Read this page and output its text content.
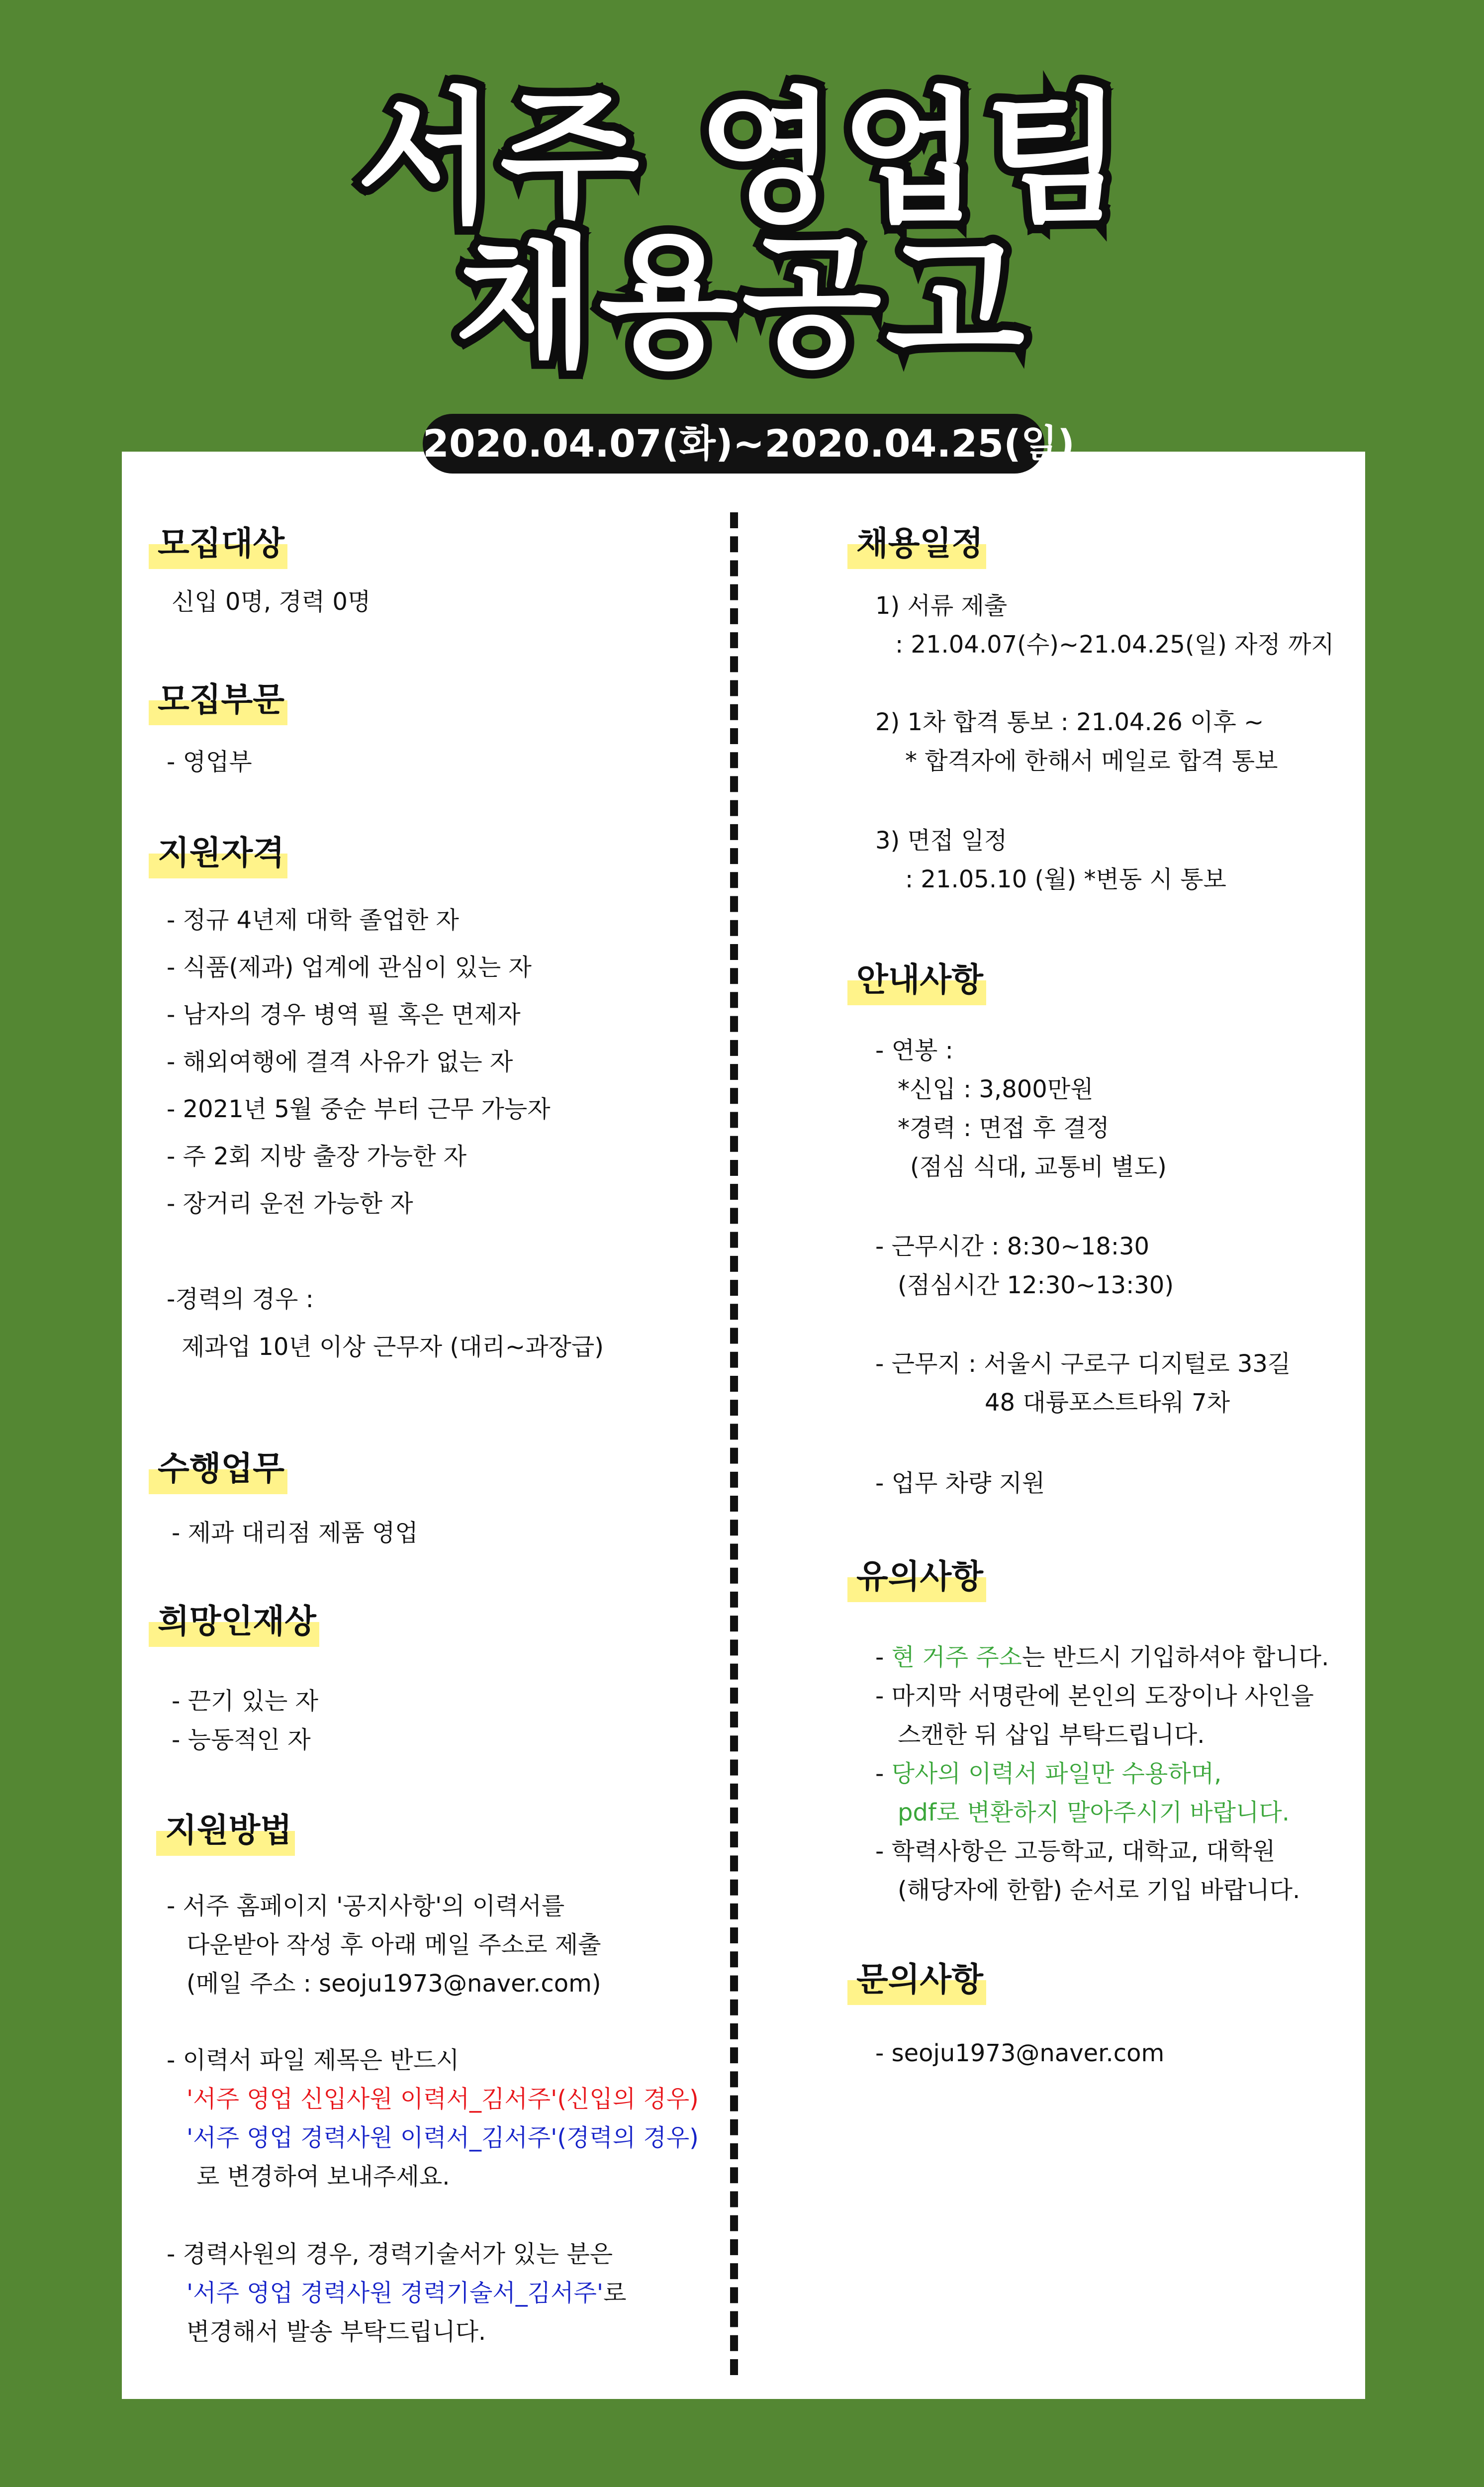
서주 영업팀
채용공고
2020.04.07(화)~2020.04.25(일)
모집대상
신입 0명, 경력 0명
모집부문
- 영업부
지원자격
- 정규 4년제 대학 졸업한 자
- 식품(제과) 업계에 관심이 있는 자
- 남자의 경우 병역 필 혹은 면제자
- 해외여행에 결격 사유가 없는 자
- 2021년 5월 중순 부터 근무 가능자
- 주 2회 지방 출장 가능한 자
- 장거리 운전 가능한 자
-경력의 경우 :
제과업 10년 이상 근무자 (대리~과장급)
수행업무
- 제과 대리점 제품 영업
희망인재상
- 끈기 있는 자
- 능동적인 자
지원방법
- 서주 홈페이지 '공지사항'의 이력서를
다운받아 작성 후 아래 메일 주소로 제출
(메일 주소 : seoju1973@naver.com)
- 이력서 파일 제목은 반드시
'서주 영업 신입사원 이력서_김서주'(신입의 경우)
'서주 영업 경력사원 이력서_김서주'(경력의 경우)
로 변경하여 보내주세요.
- 경력사원의 경우, 경력기술서가 있는 분은
'서주 영업 경력사원 경력기술서_김서주'로
변경해서 발송 부탁드립니다.
채용일정
1) 서류 제출
: 21.04.07(수)~21.04.25(일) 자정 까지
2) 1차 합격 통보 : 21.04.26 이후 ~
* 합격자에 한해서 메일로 합격 통보
3) 면접 일정
: 21.05.10 (월) *변동 시 통보
안내사항
- 연봉 :
*신입 : 3,800만원
*경력 : 면접 후 결정
(점심 식대, 교통비 별도)
- 근무시간 : 8:30~18:30
(점심시간 12:30~13:30)
- 근무지 : 서울시 구로구 디지털로 33길
48 대륭포스트타워 7차
- 업무 차량 지원
유의사항
- 현 거주 주소는 반드시 기입하셔야 합니다.
- 마지막 서명란에 본인의 도장이나 사인을
스캔한 뒤 삽입 부탁드립니다.
- 당사의 이력서 파일만 수용하며,
pdf로 변환하지 말아주시기 바랍니다.
- 학력사항은 고등학교, 대학교, 대학원
(해당자에 한함) 순서로 기입 바랍니다.
문의사항
- seoju1973@naver.com
